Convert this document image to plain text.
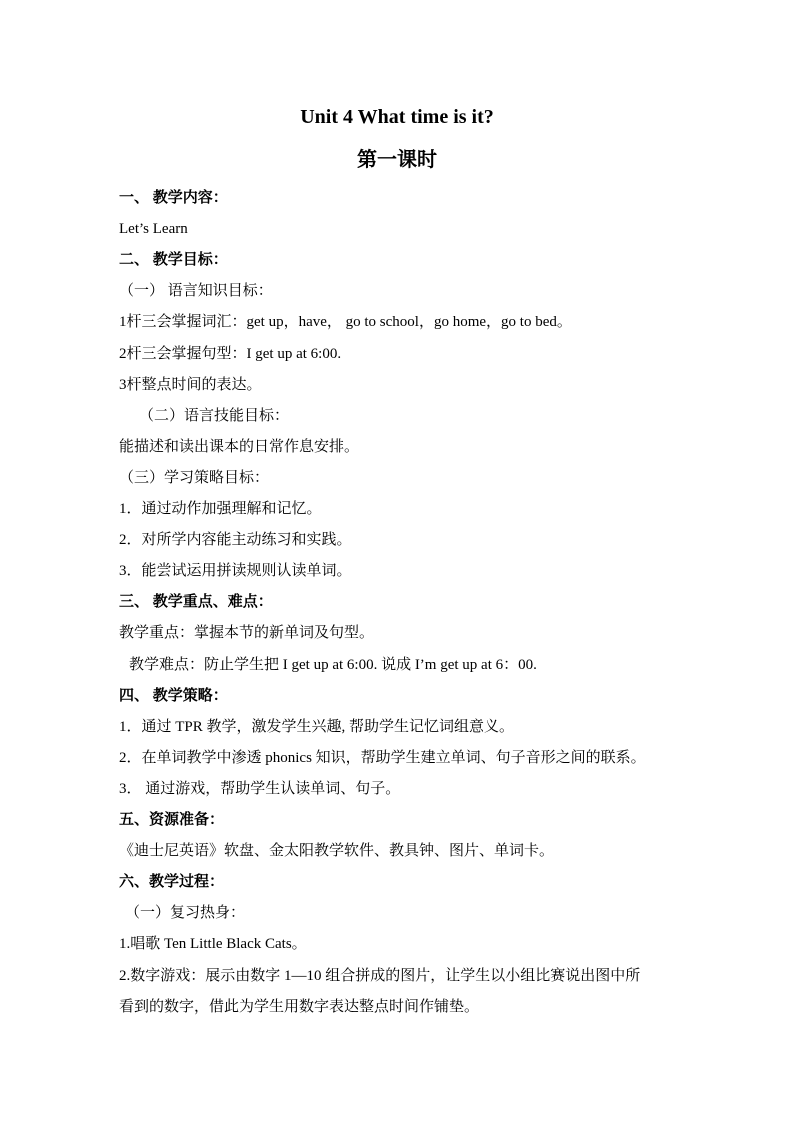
Unit 4 What time is it?
第一课时
一、 教学内容：
Let’s Learn
二、 教学目标：
（一） 语言知识目标：
1杆三会掌握词汇：get up，have， go to school，go home，go to bed。
2杆三会掌握句型：I get up at 6:00.
3杆整点时间的表达。
（二）语言技能目标：
能描述和读出课本的日常作息安排。
（三）学习策略目标：
1．通过动作加强理解和记忆。
2．对所学内容能主动练习和实践。
3．能尝试运用拼读规则认读单词。
三、 教学重点、难点：
教学重点：掌握本节的新单词及句型。
教学难点：防止学生把 I get up at 6:00. 说成 I’m get up at 6：00.
四、 教学策略：
1．通过 TPR 教学，激发学生兴趣, 帮助学生记忆词组意义。
2．在单词教学中渗透 phonics 知识，帮助学生建立单词、句子音形之间的联系。
3． 通过游戏，帮助学生认读单词、句子。
五、资源准备：
《迪士尼英语》软盘、金太阳教学软件、教具钟、图片、单词卡。
六、教学过程：
（一）复习热身：
1.唱歌 Ten Little Black Cats。
2.数字游戏：展示由数字 1—10 组合拼成的图片，让学生以小组比赛说出图中所
看到的数字，借此为学生用数字表达整点时间作铺垫。
